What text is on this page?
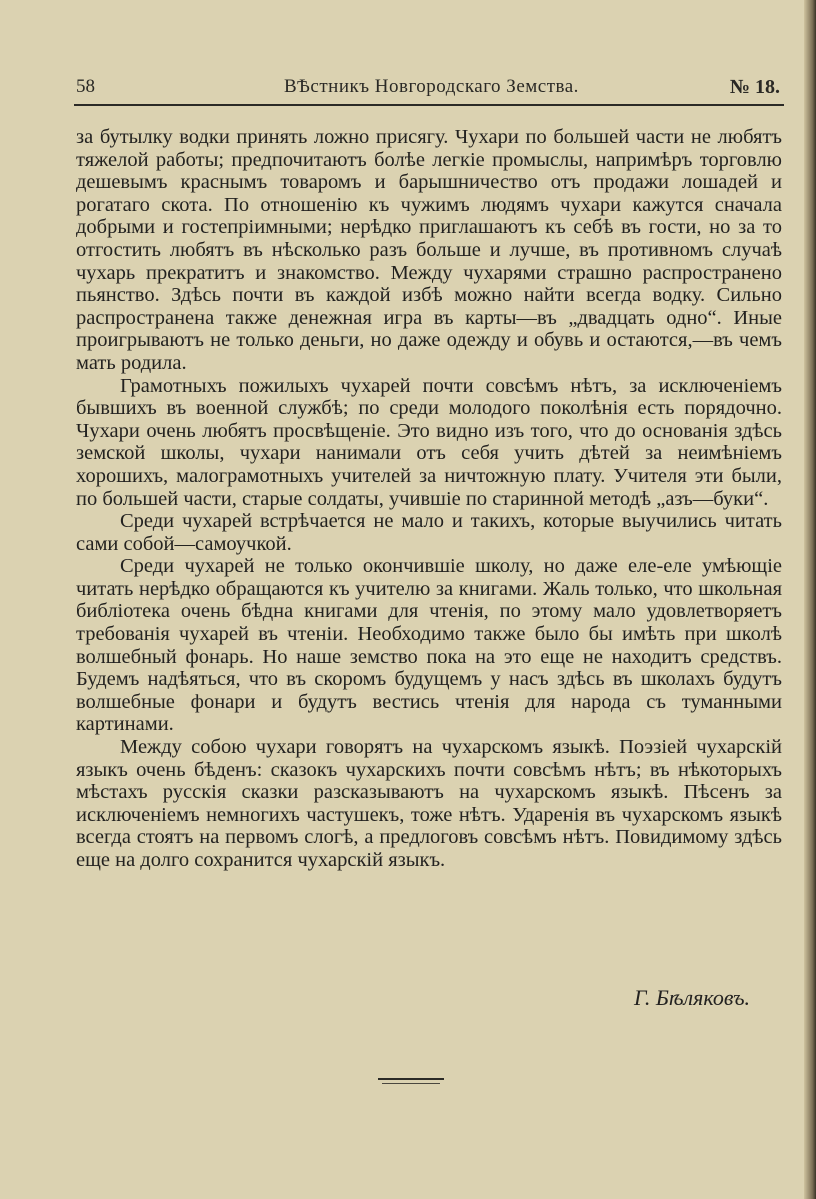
58	ВѢстникъ Новгородскаго Земства.	№ 18.

за бутылку водки принять ложно присягу. Чухари по большей части не любятъ тяжелой работы; предпочитаютъ болѣе легкіе промыслы, напримѣръ торговлю дешевымъ краснымъ товаромъ и барышничество отъ продажи лошадей и рогатаго скота. По отношенію къ чужимъ людямъ чухари кажутся сначала добрыми и гостепріимными; нерѣдко приглашаютъ къ себѣ въ гости, но за то отгостить любятъ въ нѣсколько разъ больше и лучше, въ противномъ случаѣ чухарь прекратитъ и знакомство. Между чухарями страшно распространено пьянство. Здѣсь почти въ каждой избѣ можно найти всегда водку. Сильно распространена также денежная игра въ карты—въ „двадцать одно“. Иные проигрываютъ не только деньги, но даже одежду и обувь и остаются,—въ чемъ мать родила.

Грамотныхъ пожилыхъ чухарей почти совсѣмъ нѣтъ, за исключеніемъ бывшихъ въ военной службѣ; по среди молодого поколѣнія есть порядочно. Чухари очень любятъ просвѣщеніе. Это видно изъ того, что до основанія здѣсь земской школы, чухари нанимали отъ себя учить дѣтей за неимѣніемъ хорошихъ, малограмотныхъ учителей за ничтожную плату. Учителя эти были, по большей части, старые солдаты, учившіе по старинной методѣ „азъ—буки“.

Среди чухарей встрѣчается не мало и такихъ, которые выучились читать сами собой—самоучкой.

Среди чухарей не только окончившіе школу, но даже еле-еле умѣющіе читать нерѣдко обращаются къ учителю за книгами. Жаль только, что школьная библіотека очень бѣдна книгами для чтенія, по этому мало удовлетворяетъ требованія чухарей въ чтеніи. Необходимо также было бы имѣть при школѣ волшебный фонарь. Но наше земство пока на это еще не находитъ средствъ. Будемъ надѣяться, что въ скоромъ будущемъ у насъ здѣсь въ школахъ будутъ волшебные фонари и будутъ вестись чтенія для народа съ туманными картинами.

Между собою чухари говорятъ на чухарскомъ языкѣ. Поэзіей чухарскій языкъ очень бѣденъ: сказокъ чухарскихъ почти совсѣмъ нѣтъ; въ нѣкоторыхъ мѣстахъ русскія сказки разсказываютъ на чухарскомъ языкѣ. Пѣсенъ за исключеніемъ немногихъ частушекъ, тоже нѣтъ. Ударенія въ чухарскомъ языкѣ всегда стоятъ на первомъ слогѣ, а предлоговъ совсѣмъ нѣтъ. Повидимому здѣсь еще на долго сохранится чухарскій языкъ.

Г. Бѣляковъ.
